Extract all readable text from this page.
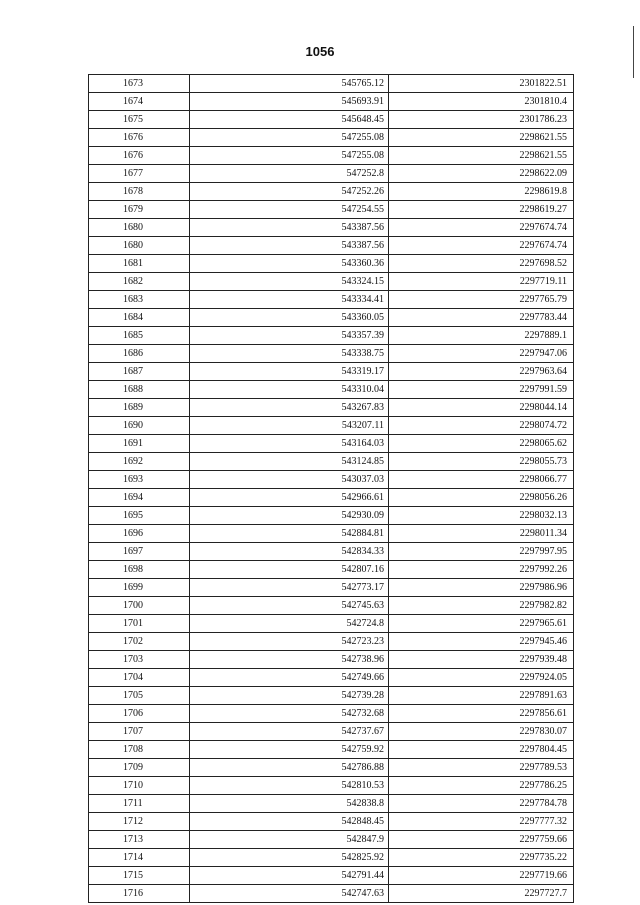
1056
1673	545765.12	2301822.51
1674	545693.91	2301810.4
1675	545648.45	2301786.23
1676	547255.08	2298621.55
1676	547255.08	2298621.55
1677	547252.8	2298622.09
1678	547252.26	2298619.8
1679	547254.55	2298619.27
1680	543387.56	2297674.74
1680	543387.56	2297674.74
1681	543360.36	2297698.52
1682	543324.15	2297719.11
1683	543334.41	2297765.79
1684	543360.05	2297783.44
1685	543357.39	2297889.1
1686	543338.75	2297947.06
1687	543319.17	2297963.64
1688	543310.04	2297991.59
1689	543267.83	2298044.14
1690	543207.11	2298074.72
1691	543164.03	2298065.62
1692	543124.85	2298055.73
1693	543037.03	2298066.77
1694	542966.61	2298056.26
1695	542930.09	2298032.13
1696	542884.81	2298011.34
1697	542834.33	2297997.95
1698	542807.16	2297992.26
1699	542773.17	2297986.96
1700	542745.63	2297982.82
1701	542724.8	2297965.61
1702	542723.23	2297945.46
1703	542738.96	2297939.48
1704	542749.66	2297924.05
1705	542739.28	2297891.63
1706	542732.68	2297856.61
1707	542737.67	2297830.07
1708	542759.92	2297804.45
1709	542786.88	2297789.53
1710	542810.53	2297786.25
1711	542838.8	2297784.78
1712	542848.45	2297777.32
1713	542847.9	2297759.66
1714	542825.92	2297735.22
1715	542791.44	2297719.66
1716	542747.63	2297727.7
